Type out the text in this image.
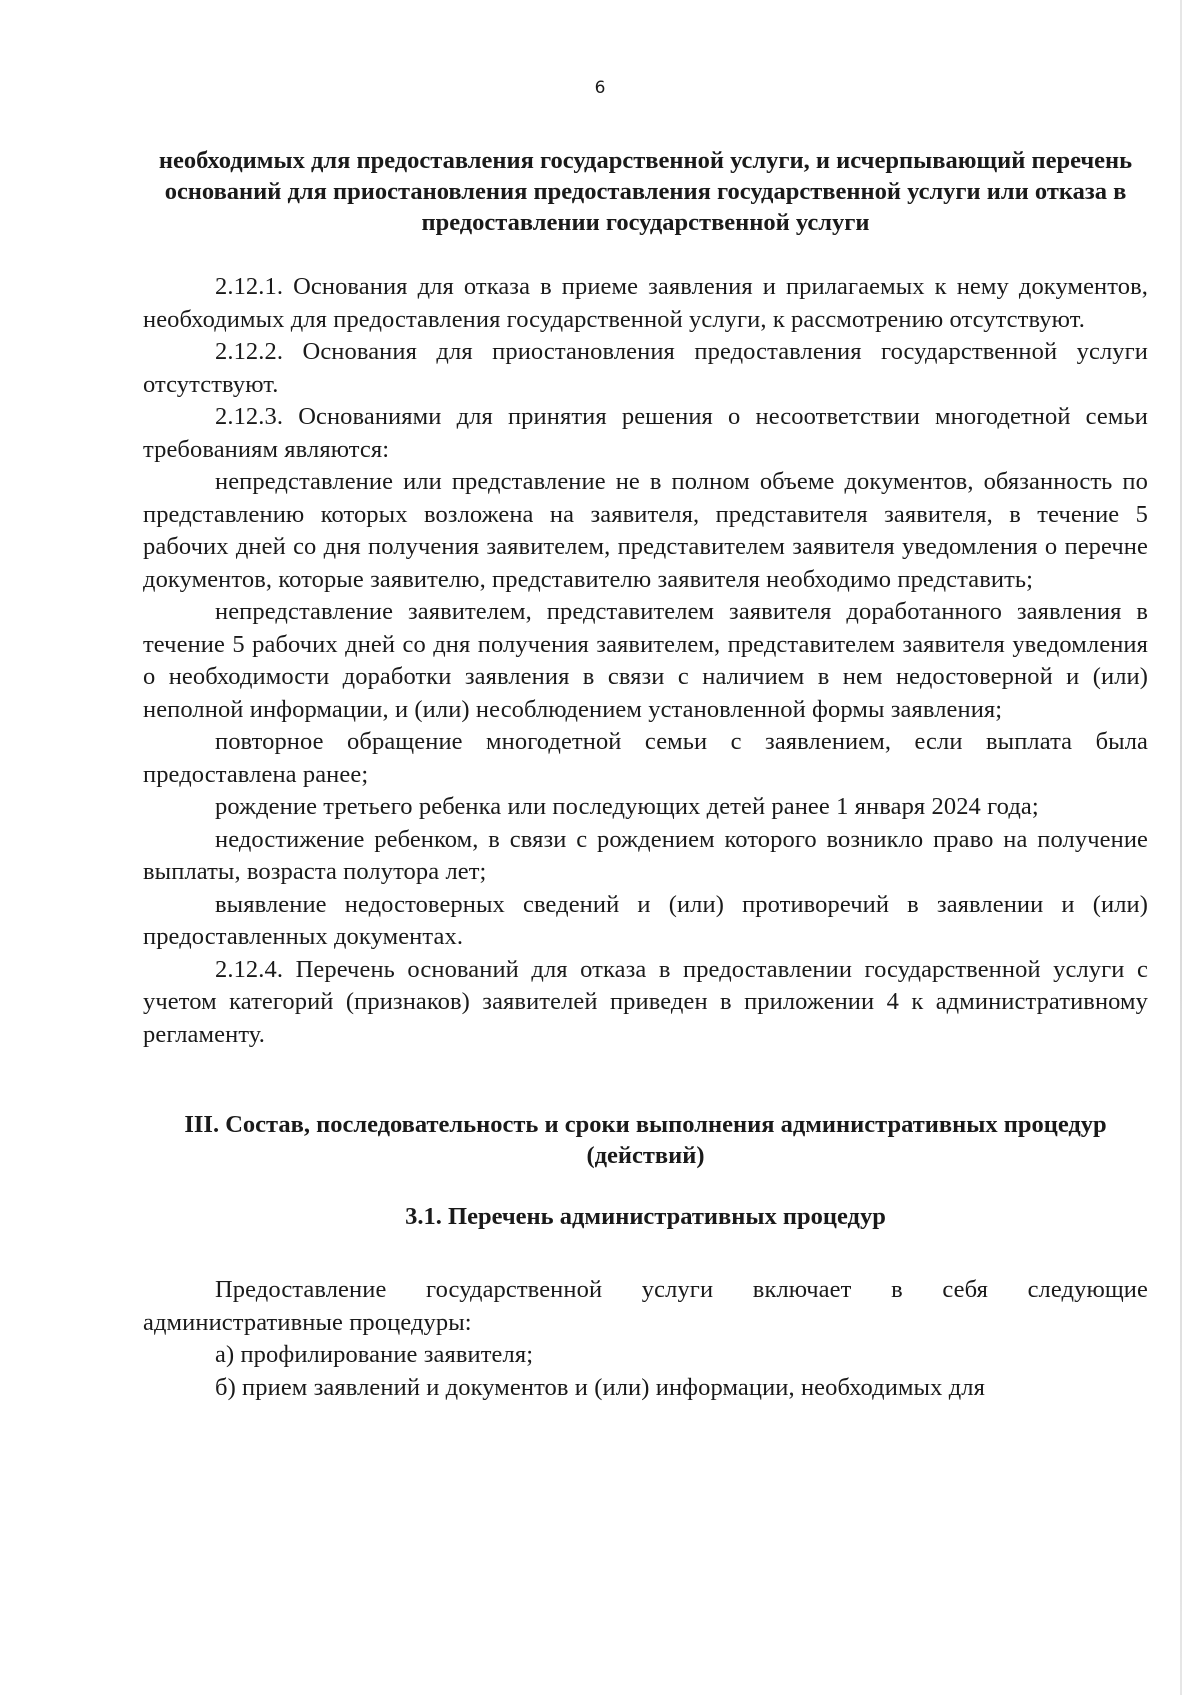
6

необходимых для предоставления государственной услуги, и исчерпывающий перечень оснований для приостановления предоставления государственной услуги или отказа в предоставлении государственной услуги

2.12.1. Основания для отказа в приеме заявления и прилагаемых к нему документов, необходимых для предоставления государственной услуги, к рассмотрению отсутствуют.

2.12.2. Основания для приостановления предоставления государственной услуги отсутствуют.

2.12.3. Основаниями для принятия решения о несоответствии многодетной семьи требованиям являются:

непредставление или представление не в полном объеме документов, обязанность по представлению которых возложена на заявителя, представителя заявителя, в течение 5 рабочих дней со дня получения заявителем, представителем заявителя уведомления о перечне документов, которые заявителю, представителю заявителя необходимо представить;

непредставление заявителем, представителем заявителя доработанного заявления в течение 5 рабочих дней со дня получения заявителем, представителем заявителя уведомления о необходимости доработки заявления в связи с наличием в нем недостоверной и (или) неполной информации, и (или) несоблюдением установленной формы заявления;

повторное обращение многодетной семьи с заявлением, если выплата была предоставлена ранее;

рождение третьего ребенка или последующих детей ранее 1 января 2024 года;

недостижение ребенком, в связи с рождением которого возникло право на получение выплаты, возраста полутора лет;

выявление недостоверных сведений и (или) противоречий в заявлении и (или) предоставленных документах.

2.12.4. Перечень оснований для отказа в предоставлении государственной услуги с учетом категорий (признаков) заявителей приведен в приложении 4 к административному регламенту.

III. Состав, последовательность и сроки выполнения административных процедур (действий)

3.1. Перечень административных процедур

Предоставление государственной услуги включает в себя следующие административные процедуры:

а) профилирование заявителя;

б) прием заявлений и документов и (или) информации, необходимых для
